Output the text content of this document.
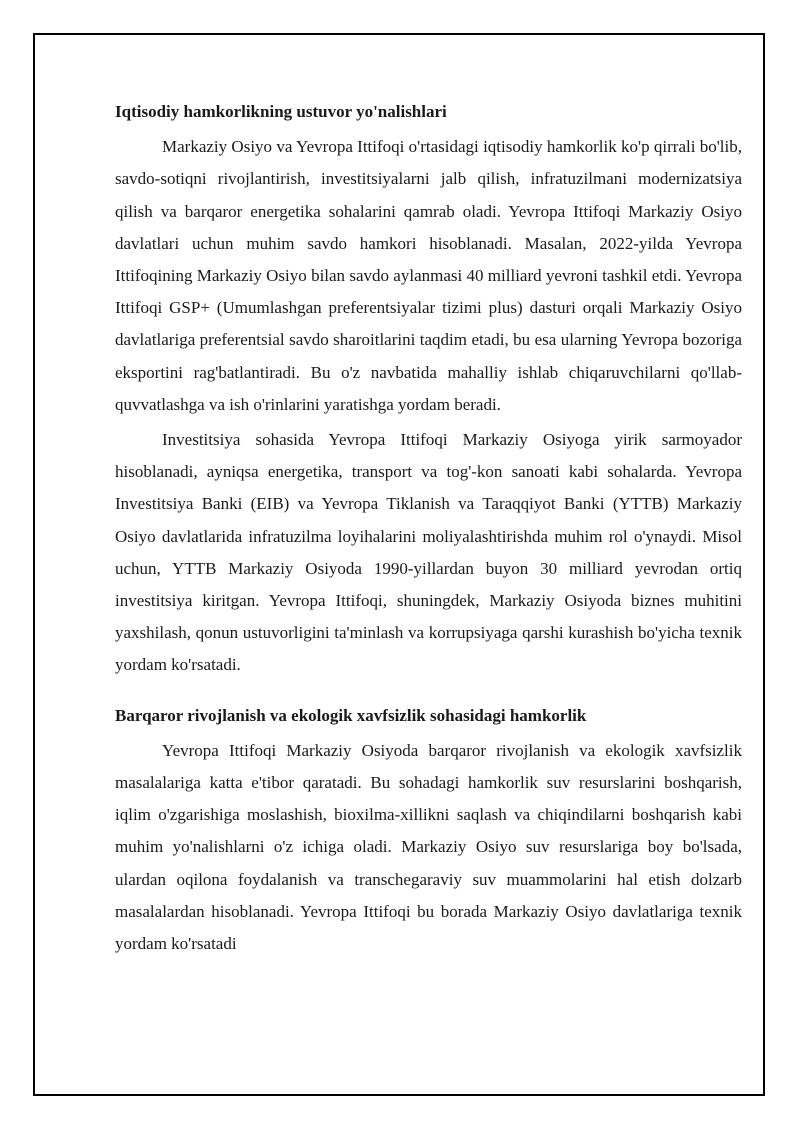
Iqtisodiy hamkorlikning ustuvor yo'nalishlari

Markaziy Osiyo va Yevropa Ittifoqi o'rtasidagi iqtisodiy hamkorlik ko'p qirrali bo'lib, savdo-sotiqni rivojlantirish, investitsiyalarni jalb qilish, infratuzilmani modernizatsiya qilish va barqaror energetika sohalarini qamrab oladi. Yevropa Ittifoqi Markaziy Osiyo davlatlari uchun muhim savdo hamkori hisoblanadi. Masalan, 2022-yilda Yevropa Ittifoqining Markaziy Osiyo bilan savdo aylanmasi 40 milliard yevroni tashkil etdi. Yevropa Ittifoqi GSP+ (Umumlashgan preferentsiyalar tizimi plus) dasturi orqali Markaziy Osiyo davlatlariga preferentsial savdo sharoitlarini taqdim etadi, bu esa ularning Yevropa bozoriga eksportini rag'batlantiradi. Bu o'z navbatida mahalliy ishlab chiqaruvchilarni qo'llab-quvvatlashga va ish o'rinlarini yaratishga yordam beradi.

Investitsiya sohasida Yevropa Ittifoqi Markaziy Osiyoga yirik sarmoyador hisoblanadi, ayniqsa energetika, transport va tog'-kon sanoati kabi sohalarda. Yevropa Investitsiya Banki (EIB) va Yevropa Tiklanish va Taraqqiyot Banki (YTTB) Markaziy Osiyo davlatlarida infratuzilma loyihalarini moliyalashtirishda muhim rol o'ynaydi. Misol uchun, YTTB Markaziy Osiyoda 1990-yillardan buyon 30 milliard yevrodan ortiq investitsiya kiritgan. Yevropa Ittifoqi, shuningdek, Markaziy Osiyoda biznes muhitini yaxshilash, qonun ustuvorligini ta'minlash va korrupsiyaga qarshi kurashish bo'yicha texnik yordam ko'rsatadi.

Barqaror rivojlanish va ekologik xavfsizlik sohasidagi hamkorlik

Yevropa Ittifoqi Markaziy Osiyoda barqaror rivojlanish va ekologik xavfsizlik masalalariga katta e'tibor qaratadi. Bu sohadagi hamkorlik suv resurslarini boshqarish, iqlim o'zgarishiga moslashish, bioxilma-xillikni saqlash va chiqindilarni boshqarish kabi muhim yo'nalishlarni o'z ichiga oladi. Markaziy Osiyo suv resurslariga boy bo'lsada, ulardan oqilona foydalanish va transchegaraviy suv muammolarini hal etish dolzarb masalalardan hisoblanadi. Yevropa Ittifoqi bu borada Markaziy Osiyo davlatlariga texnik yordam ko'rsatadi
